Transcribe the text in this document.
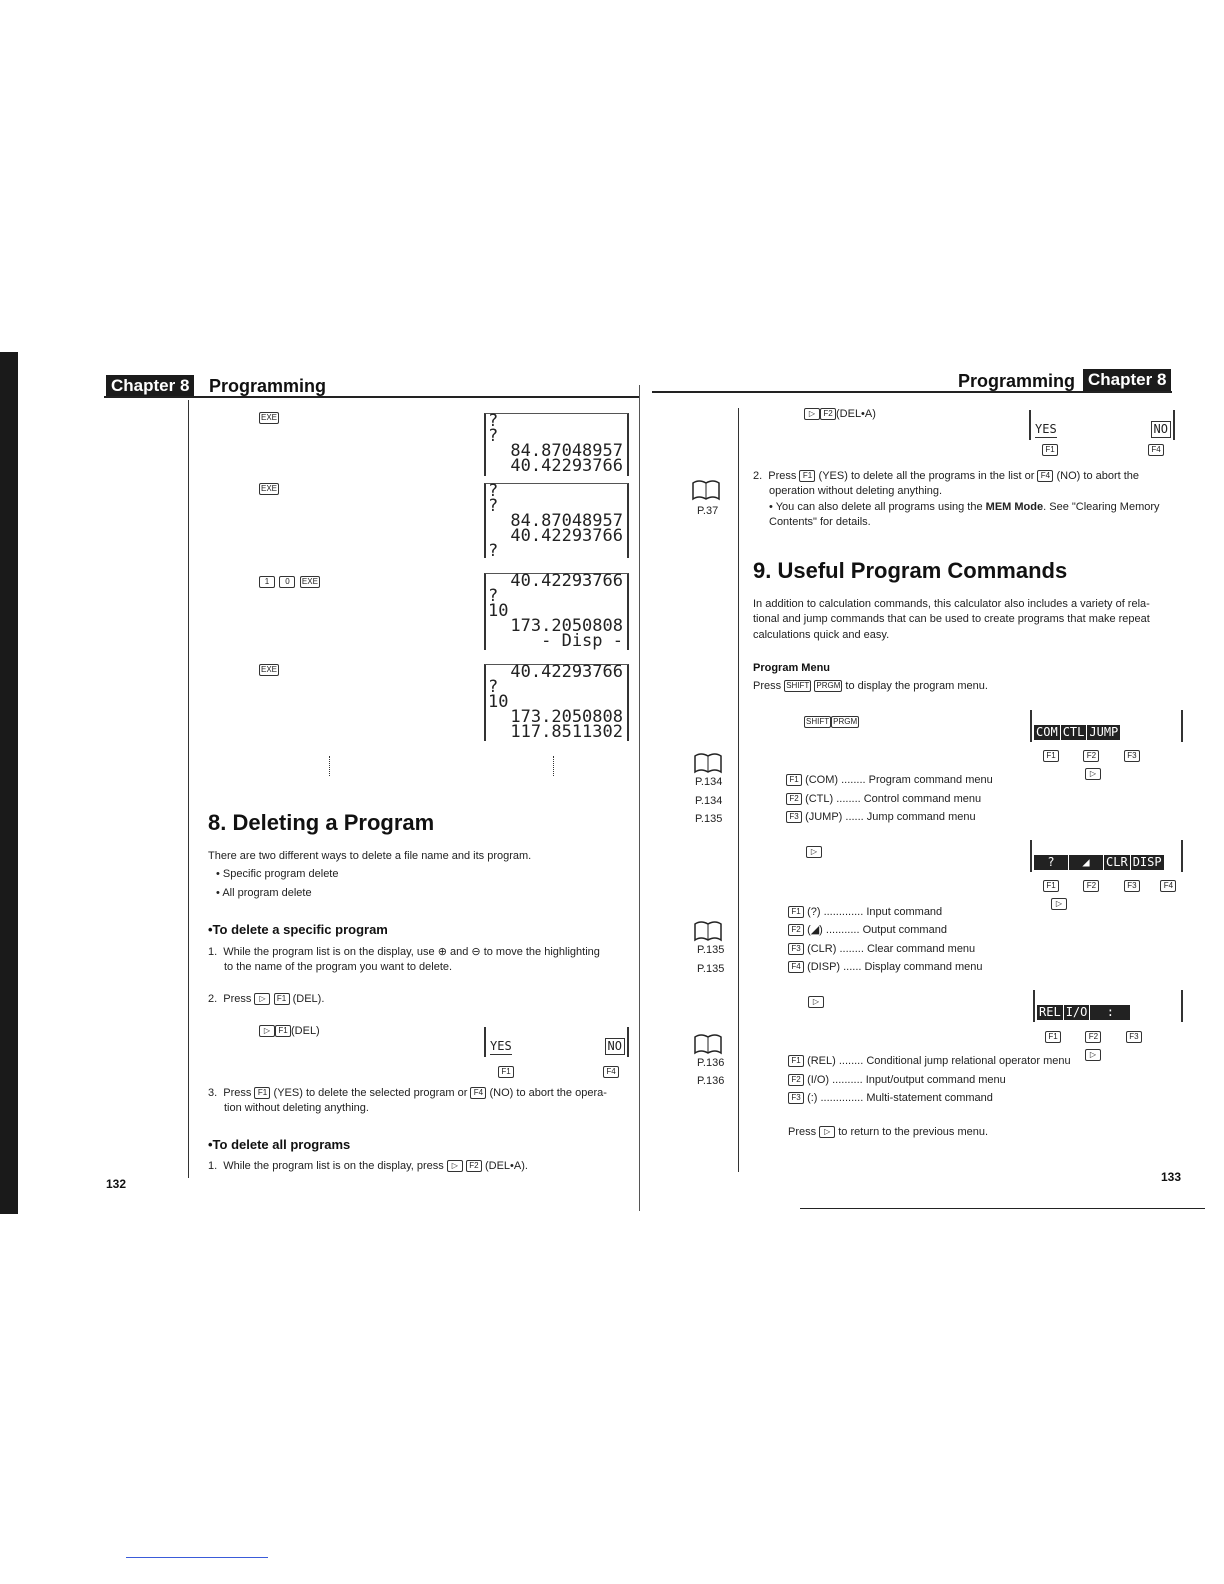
Chapter 8 Programming
EXE
EXE
1 0 EXE
EXE
?
?
84.87048957
40.42293766
?
?
84.87048957
40.42293766
?
40.42293766
?
10
173.2050808
- Disp -
40.42293766
?
10
173.2050808
117.8511302
8. Deleting a Program
There are two different ways to delete a file name and its program.
• Specific program delete
• All program delete
•To delete a specific program
1.  While the program list is on the display, use ⊕ and ⊖ to move the highlighting
to the name of the program you want to delete.
2.  Press ▷ F1 (DEL).
▷ F1 (DEL)
YES	NO
F1	F4
3.  Press F1 (YES) to delete the selected program or F4 (NO) to abort the opera-
tion without deleting anything.
•To delete all programs
1.  While the program list is on the display, press ▷ F2 (DEL•A).
132
Programming Chapter 8
▷ F2 (DEL•A)
YES	NO
F1	F4
2.  Press F1 (YES) to delete all the programs in the list or F4 (NO) to abort the
operation without deleting anything.
• You can also delete all programs using the MEM Mode. See "Clearing Memory
Contents" for details.
P.37
P.134
P.134
P.135
P.135
P.135
P.136
P.136
9. Useful Program Commands
In addition to calculation commands, this calculator also includes a variety of rela-
tional and jump commands that can be used to create programs that make repeat
calculations quick and easy.
Program Menu
Press SHIFT PRGM to display the program menu.
SHIFT PRGM
COM CTL JUMP
F1	F2	F3 ▷
F1 (COM) ........ Program command menu
F2 (CTL) ........ Control command menu
F3 (JUMP) ...... Jump command menu
▷
? ◢ CLR DISP
F1	F2	F3	F4 ▷
F1 (?) ............. Input command
F2 (◢) ........... Output command
F3 (CLR) ........ Clear command menu
F4 (DISP) ...... Display command menu
▷
REL I/O :
F1	F2	F3 ▷
F1 (REL) ........ Conditional jump relational operator menu
F2 (I/O) .......... Input/output command menu
F3 (:) .............. Multi-statement command
Press ▷ to return to the previous menu.
133
